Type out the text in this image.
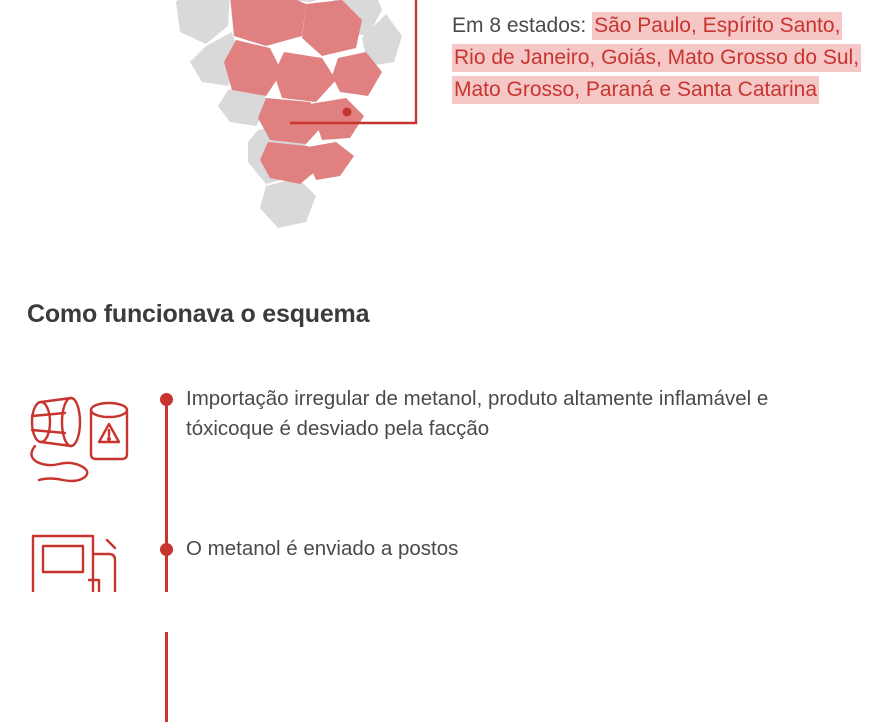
Em 8 estados: São Paulo, Espírito Santo, Rio de Janeiro, Goiás, Mato Grosso do Sul, Mato Grosso, Paraná e Santa Catarina
Como funcionava o esquema
Importação irregular de metanol, produto altamente inflamável e tóxicoque é desviado pela facção
O metanol é enviado a postos
